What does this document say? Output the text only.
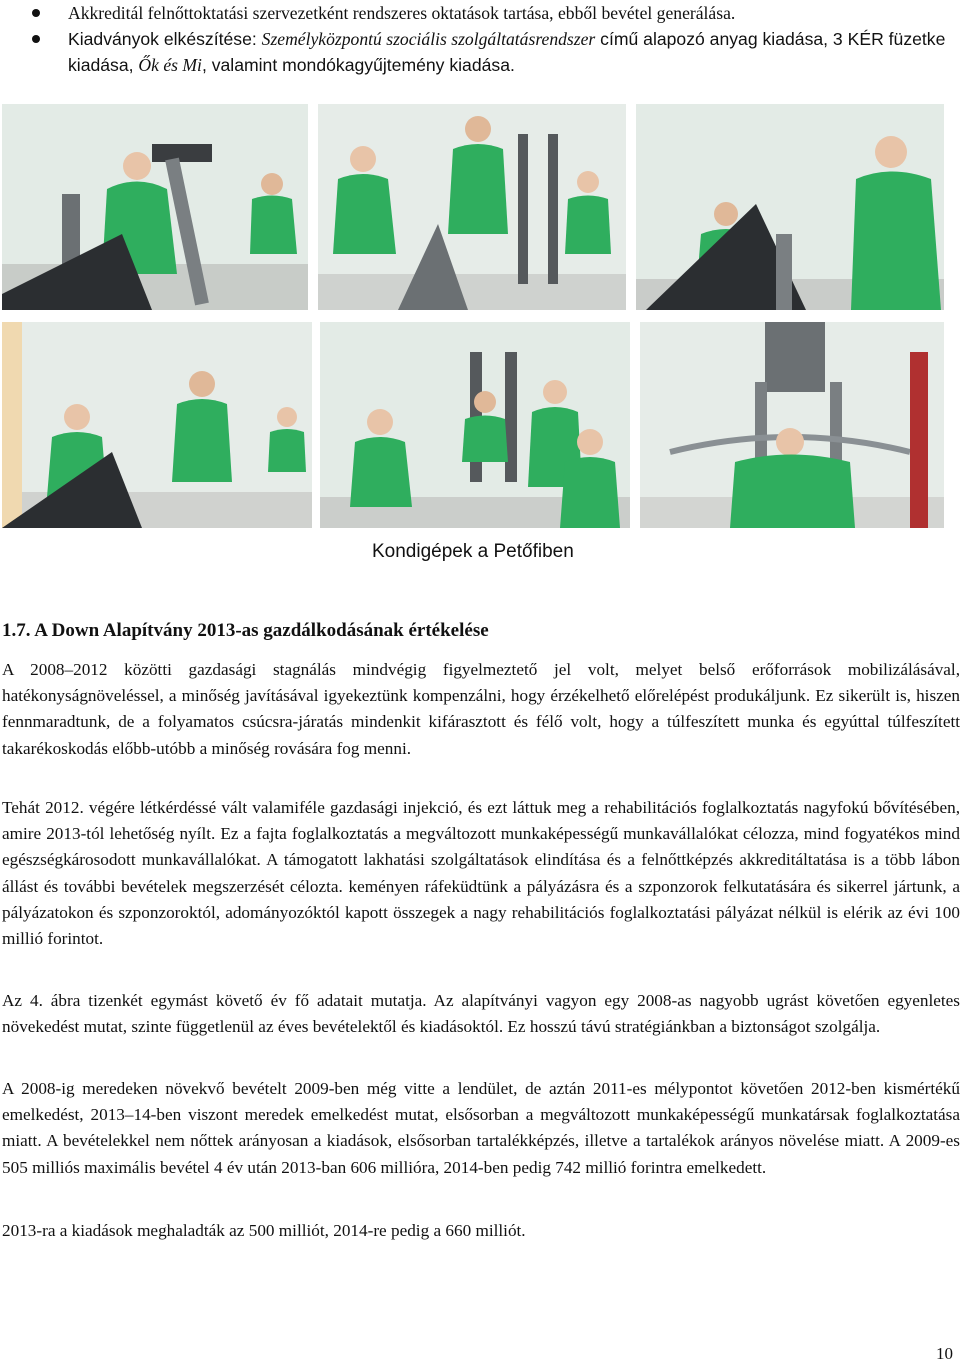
Akkreditál felnőttoktatási szervezetként rendszeres oktatások tartása, ebből bevétel generálása.

Kiadványok elkészítése: Személyközpontú szociális szolgáltatásrendszer című alapozó anyag kiadása, 3 KÉR füzetke kiadása, Ők és Mi, valamint mondókagyűjtemény kiadása.

Kondigépek a Petőfiben
1.7. A Down Alapítvány 2013-as gazdálkodásának értékelése

A 2008–2012 közötti gazdasági stagnálás mindvégig figyelmeztető jel volt, melyet belső erőforrások mobilizálásával, hatékonyságnöveléssel, a minőség javításával igyekeztünk kompenzálni, hogy érzékelhető előrelépést produkáljunk. Ez sikerült is, hiszen fennmaradtunk, de a folyamatos csúcsra-járatás mindenkit kifárasztott és félő volt, hogy a túlfeszített munka és egyúttal túlfeszített takarékoskodás előbb-utóbb a minőség rovására fog menni.

Tehát 2012. végére létkérdéssé vált valamiféle gazdasági injekció, és ezt láttuk meg a rehabilitációs foglalkoztatás nagyfokú bővítésében, amire 2013-tól lehetőség nyílt. Ez a fajta foglalkoztatás a megváltozott munkaképességű munkavállalókat célozza, mind fogyatékos mind egészségkárosodott munkavállalókat. A támogatott lakhatási szolgáltatások elindítása és a felnőttképzés akkreditáltatása is a több lábon állást és további bevételek megszerzését célozta. keményen ráfeküdtünk a pályázásra és a szponzorok felkutatására és sikerrel jártunk, a pályázatokon és szponzoroktól, adományozóktól kapott összegek a nagy rehabilitációs foglalkoztatási pályázat nélkül is elérik az évi 100 millió forintot.

Az 4. ábra tizenkét egymást követő év fő adatait mutatja. Az alapítványi vagyon egy 2008-as nagyobb ugrást követően egyenletes növekedést mutat, szinte függetlenül az éves bevételektől és kiadásoktól. Ez hosszú távú stratégiánkban a biztonságot szolgálja.

A 2008-ig meredeken növekvő bevételt 2009-ben még vitte a lendület, de aztán 2011-es mélypontot követően 2012-ben kismértékű emelkedést, 2013–14-ben viszont meredek emelkedést mutat, elsősorban a megváltozott munkaképességű munkatársak foglalkoztatása miatt. A bevételekkel nem nőttek arányosan a kiadások, elsősorban tartalékképzés, illetve a tartalékok arányos növelése miatt. A 2009-es 505 milliós maximális bevétel 4 év után 2013-ban 606 millióra, 2014-ben pedig 742 millió forintra emelkedett.

2013-ra a kiadások meghaladták az 500 milliót, 2014-re pedig a 660 milliót.

10
